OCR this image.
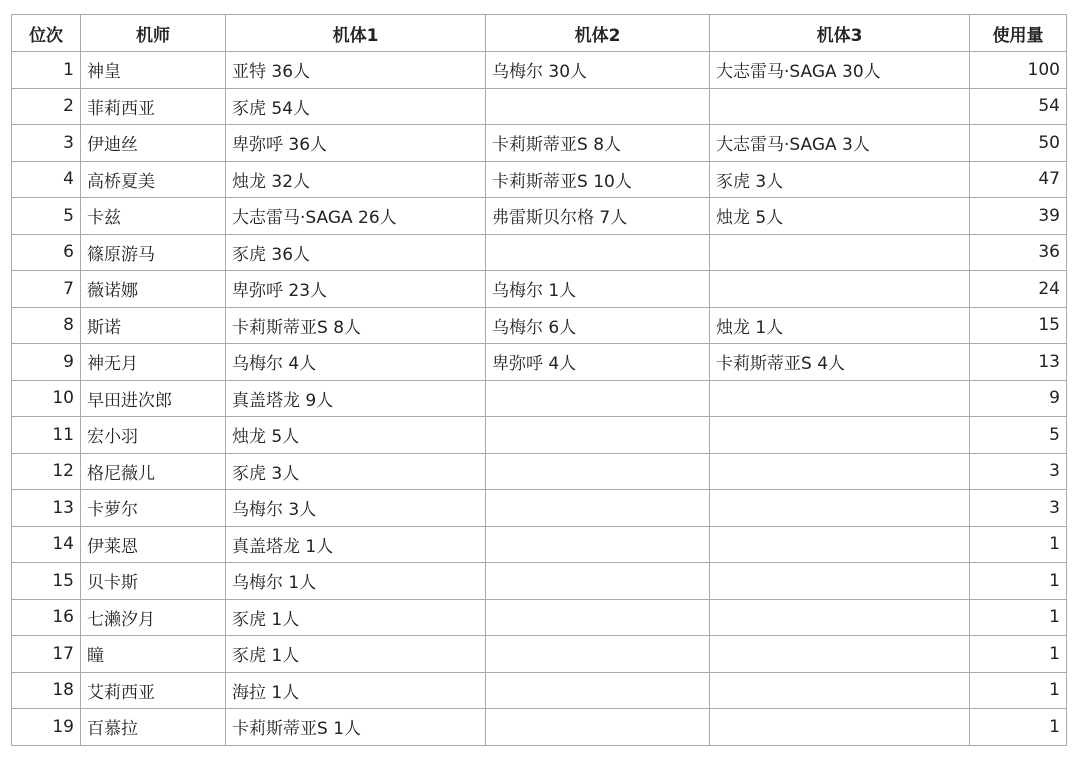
位次	机师	机体1	机体2	机体3	使用量
1	神皇	亚特 36人	乌梅尔 30人	大志雷马·SAGA 30人	100
2	菲莉西亚	豕虎 54人			54
3	伊迪丝	卑弥呼 36人	卡莉斯蒂亚S 8人	大志雷马·SAGA 3人	50
4	高桥夏美	烛龙 32人	卡莉斯蒂亚S 10人	豕虎 3人	47
5	卡兹	大志雷马·SAGA 26人	弗雷斯贝尔格 7人	烛龙 5人	39
6	篠原游马	豕虎 36人			36
7	薇诺娜	卑弥呼 23人	乌梅尔 1人		24
8	斯诺	卡莉斯蒂亚S 8人	乌梅尔 6人	烛龙 1人	15
9	神无月	乌梅尔 4人	卑弥呼 4人	卡莉斯蒂亚S 4人	13
10	早田进次郎	真盖塔龙 9人			9
11	宏小羽	烛龙 5人			5
12	格尼薇儿	豕虎 3人			3
13	卡萝尔	乌梅尔 3人			3
14	伊莱恩	真盖塔龙 1人			1
15	贝卡斯	乌梅尔 1人			1
16	七濑汐月	豕虎 1人			1
17	瞳	豕虎 1人			1
18	艾莉西亚	海拉 1人			1
19	百慕拉	卡莉斯蒂亚S 1人			1
